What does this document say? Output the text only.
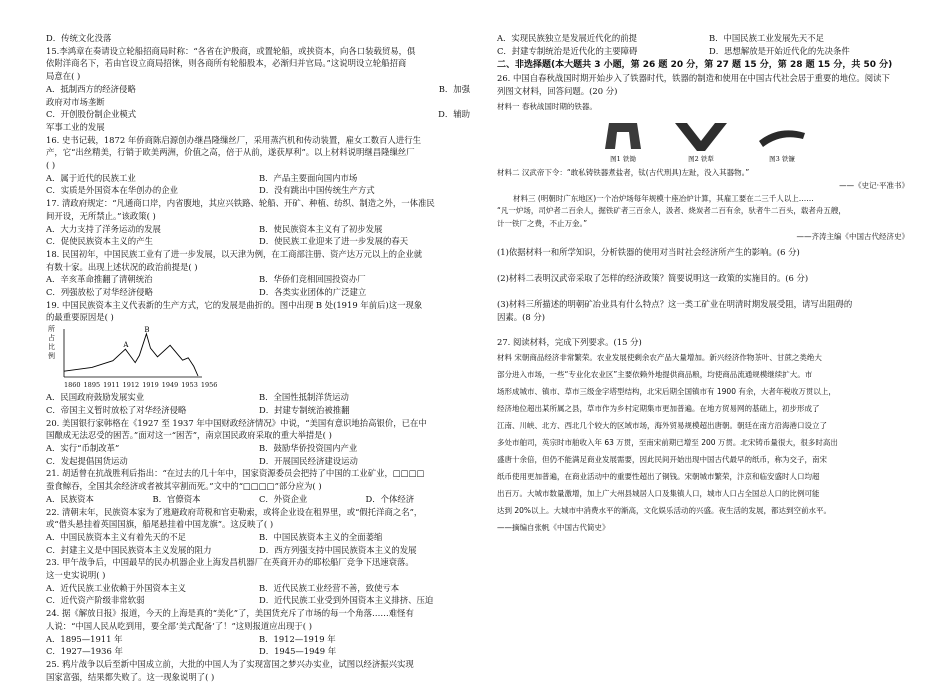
D．传统文化没落
15.李鸿章在奏请设立轮船招商局时称：“各省在沪殷商，或置轮船，或挟资本，向各口装载贸易，俱
依附洋商名下，若由官设立商局招徕，则各商所有轮船股本，必渐归并官局。”这说明设立轮船招商
局意在( )
A．抵制西方的经济侵略	B．加强
政府对市场垄断
C．开创股份制企业模式	D．辅助
军事工业的发展
16. 史书记载，1872 年侨商陈启源创办继昌隆缫丝厂，采用蒸汽机和传动装置，雇女工数百人进行生
产，它“出丝精美，行销于欧美两洲，价值之高，倍于从前，遂获厚利”。以上材料说明继昌隆缫丝厂
( )
A．属于近代的民族工业	B．产品主要面向国内市场
C．实质是外国资本在华创办的企业	D．没有跳出中国传统生产方式
17. 清政府规定：“凡通商口岸，内省腹地，其应兴铁路、轮船、开矿、种植、纺织、制造之外，一体准民
间开设，无所禁止。”该政策( )
A．大力支持了洋务运动的发展	B．使民族资本主义有了初步发展
C．促使民族资本主义的产生	D．使民族工业迎来了进一步发展的春天
18. 民国初年，中国民族工业有了进一步发展，以天津为例，在工商部注册、资产达万元以上的企业就
有数十家。出现上述状况的政治前提是( )
A．辛亥革命推翻了清朝统治	B．华侨们竞相回国投资办厂
C．列强放松了对华经济侵略	D．各类实业团体的广泛建立
19. 中国民族资本主义代表新的生产方式，它的发展是曲折的。图中出现 B 处(1919 年前后)这一现象
的最重要原因是( )
所占比例
A
B
1860 1895 1911 1912 1919 1949 1953 1956
A．民国政府鼓励发展实业	B．全国性抵制洋货运动
C．帝国主义暂时放松了对华经济侵略	D．封建专制统治被推翻
20. 美国银行家韩格在《1927 至 1937 年中国财政经济情况》中说，“美国有意识地抬高银价，已在中
国酿成无法忍受的困苦。”面对这一“困苦”，南京国民政府采取的重大举措是( )
A．实行“币制改革”	B．鼓励华侨投资国内产业
C．发起提倡国货运动	D．开展国民经济建设运动
21. 胡适曾在抗战胜利后指出：“在过去的几十年中，国家资源委员会把持了中国的工业矿业，□□□□
蚕食鲸吞，全国其余经济或者被其宰割而死。”文中的“□□□□”部分应为( )
A．民族资本	B．官僚资本	C．外资企业	D．个体经济
22. 清朝末年，民族资本家为了逃避政府苛税和官吏勒索，或将企业设在租界里，或“假托洋商之名”，
或“借头悬挂着英国国旗，船尾悬挂着中国龙旗”。这反映了( )
A．中国民族资本主义有着先天的不足	B．中国民族资本主义的全面萎缩
C．封建主义是中国民族资本主义发展的阻力	D．西方列强支持中国民族资本主义的发展
23. 甲午战争后，中国最早的民办机器企业上海发昌机器厂在英商开办的耶松船厂竞争下迅速衰落。
这一史实说明( )
A．近代民族工业依赖于外国资本主义	B．近代民族工业经营不善，致使亏本
C．近代资产阶级非常软弱	D．近代民族工业受到外国资本主义排挤、压迫
24. 据《解放日报》报道，今天的上海是真的“美化”了，美国货充斥了市场的每一个角落……难怪有
人说：“中国人民从吃到用，要全部‘美式配备’了！”这则报道应出现于( )
A．1895—1911 年	B．1912—1919 年
C．1927—1936 年	D．1945—1949 年
25. 鸦片战争以后至新中国成立前，大批的中国人为了实现富国之梦兴办实业，试图以经济振兴实现
国家富强，结果都失败了。这一现象说明了( )
A．实现民族独立是发展近代化的前提	B．中国民族工业发展先天不足
C．封建专制统治是近代化的主要障碍	D．思想解放是开始近代化的先决条件
二、非选择题(本大题共 3 小题，第 26 题 20 分，第 27 题 15 分，第 28 题 15 分，共 50 分)
26. 中国自春秋战国时期开始步入了铁器时代，铁器的制造和使用在中国古代社会居于重要的地位。阅读下
列图文材料，回答问题。(20 分)
材料一 春秋战国时期的铁器。
图1 铁锄	图2 铁犁	图3 铁镰
材料二 汉武帝下令：“敢私铸铁器煮盐者，钛(古代刑具)左趾，没入其器物。”
——《史记·平准书》
材料三 (明朝时广东地区)一个冶炉场每年规模十座冶炉计算，其雇工要在二三千人以上……
“凡一炉场，司炉者二百余人，掘铁矿者三百余人，汲者、烧炭者二百有余，驮者牛二百头，载者舟五艘，
计一铁厂之费，不止万金。”
——齐涛主编《中国古代经济史》
(1)依据材料一和所学知识，分析铁器的使用对当时社会经济所产生的影响。(6 分)
(2)材料二表明汉武帝采取了怎样的经济政策？简要说明这一政策的实施目的。(6 分)
(3)材料三所描述的明朝矿冶业具有什么特点？这一类工矿业在明清时期发展受阻，请写出阻碍的
因素。(8 分)
27. 阅读材料，完成下列要求。(15 分)
材料 宋朝商品经济非常繁荣。农业发展使剩余农产品大量增加。新兴经济作物茶叶、甘蔗之类绝大
部分进入市场，一些“专业化农业区”主要依赖外地提供商品粮，均使商品流通规模继续扩大。市
场形成城市、镇市、草市三级金字塔型结构，北宋后期全国镇市有 1900 有余，大者年税收万贯以上，
经济地位超出某所属之县，草市作为乡村定期集市更加普遍。在地方贸易网的基础上，初步形成了
江南、川峡、北方、西北几个较大的区域市场，海外贸易规模超出唐朝。朝廷在南方沿海港口设立了
多处市舶司，英宗时市舶收入年 63 万贯，至南宋前期已增至 200 万贯。北宋铸币量很大，很多时高出
盛唐十余倍，但仍不能满足商业发展需要，因此民间开始出现中国古代最早的纸币，称为交子，南宋
纸币使用更加普遍，在商业活动中的重要性超出了铜钱。宋朝城市繁荣，汴京和临安盛时人口均超
出百万。大城市数量激增，加上广大州县城居人口及集镇人口，城市人口占全国总人口的比例可能
达到 20%以上。大城市中消费水平的渐高，文化娱乐活动的兴盛。夜生活的发展，都达到空前水平。
——摘编自张帆《中国古代简史》
